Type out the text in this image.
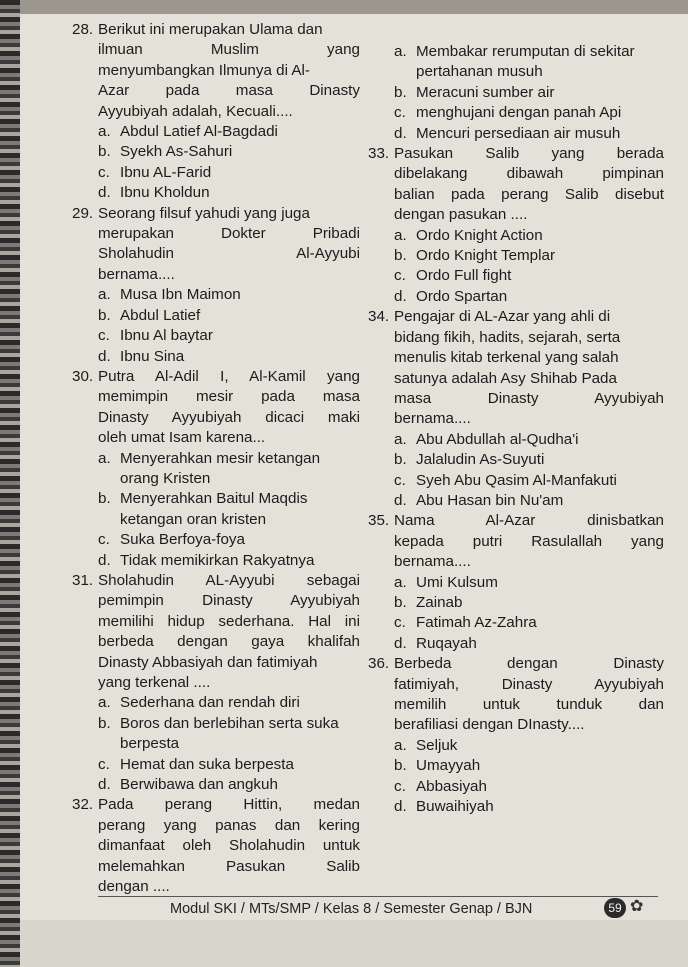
28. Berikut ini merupakan Ulama dan
ilmuan Muslim yang
menyumbangkan Ilmunya di Al-
Azar pada masa Dinasty
Ayyubiyah adalah, Kecuali....
a. Abdul Latief Al-Bagdadi
b. Syekh As-Sahuri
c. Ibnu AL-Farid
d. Ibnu Kholdun
29. Seorang filsuf yahudi yang juga
merupakan Dokter Pribadi
Sholahudin Al-Ayyubi
bernama....
a. Musa Ibn Maimon
b. Abdul Latief
c. Ibnu Al baytar
d. Ibnu Sina
30. Putra Al-Adil I, Al-Kamil yang
memimpin mesir pada masa
Dinasty Ayyubiyah dicaci maki
oleh umat Isam karena...
a. Menyerahkan mesir ketangan orang Kristen
b. Menyerahkan Baitul Maqdis ketangan oran kristen
c. Suka Berfoya-foya
d. Tidak memikirkan Rakyatnya
31. Sholahudin AL-Ayyubi sebagai
pemimpin Dinasty Ayyubiyah
memilihi hidup sederhana. Hal ini
berbeda dengan gaya khalifah
Dinasty Abbasiyah dan fatimiyah
yang terkenal ....
a. Sederhana dan rendah diri
b. Boros dan berlebihan serta suka berpesta
c. Hemat dan suka berpesta
d. Berwibawa dan angkuh
32. Pada perang Hittin, medan
perang yang panas dan kering
dimanfaat oleh Sholahudin untuk
melemahkan Pasukan Salib
dengan ....
a. Membakar rerumputan di sekitar pertahanan musuh
b. Meracuni sumber air
c. menghujani dengan panah Api
d. Mencuri persediaan air musuh
33. Pasukan Salib yang berada
dibelakang dibawah pimpinan
balian pada perang Salib disebut
dengan pasukan ....
a. Ordo Knight Action
b. Ordo Knight Templar
c. Ordo Full fight
d. Ordo Spartan
34. Pengajar di AL-Azar yang ahli di
bidang fikih, hadits, sejarah, serta
menulis kitab terkenal yang salah
satunya adalah Asy Shihab Pada
masa Dinasty Ayyubiyah
bernama....
a. Abu Abdullah al-Qudha'i
b. Jalaludin As-Suyuti
c. Syeh Abu Qasim Al-Manfakuti
d. Abu Hasan bin Nu'am
35. Nama Al-Azar dinisbatkan
kepada putri Rasulallah yang
bernama....
a. Umi Kulsum
b. Zainab
c. Fatimah Az-Zahra
d. Ruqayah
36. Berbeda dengan Dinasty
fatimiyah, Dinasty Ayyubiyah
memilih untuk tunduk dan
berafiliasi dengan DInasty....
a. Seljuk
b. Umayyah
c. Abbasiyah
d. Buwaihiyah
Modul SKI / MTs/SMP / Kelas 8 / Semester Genap / BJN	59 ✿
